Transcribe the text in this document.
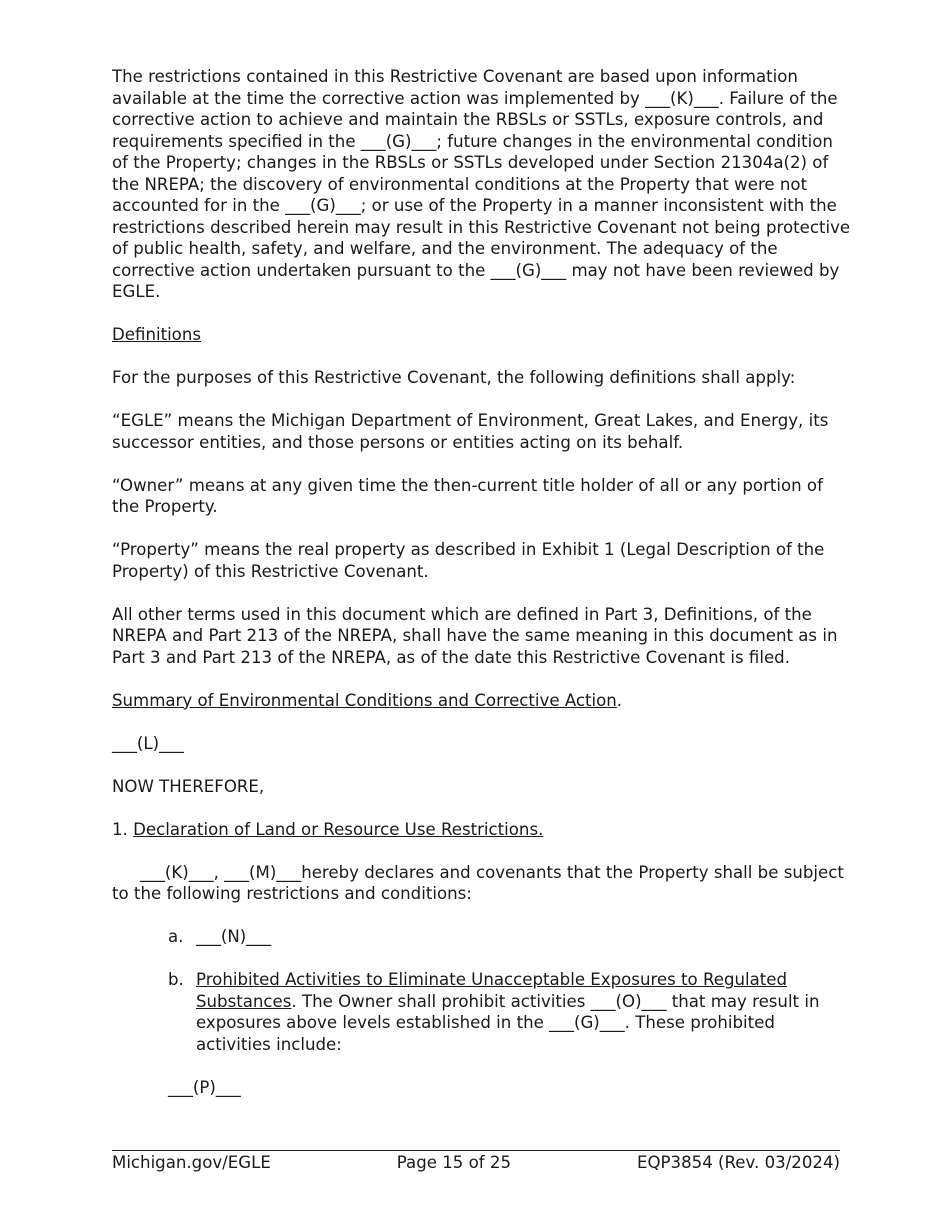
The restrictions contained in this Restrictive Covenant are based upon information available at the time the corrective action was implemented by ___(K)___. Failure of the corrective action to achieve and maintain the RBSLs or SSTLs, exposure controls, and requirements specified in the ___(G)___; future changes in the environmental condition of the Property; changes in the RBSLs or SSTLs developed under Section 21304a(2) of the NREPA; the discovery of environmental conditions at the Property that were not accounted for in the ___(G)___; or use of the Property in a manner inconsistent with the restrictions described herein may result in this Restrictive Covenant not being protective of public health, safety, and welfare, and the environment. The adequacy of the corrective action undertaken pursuant to the ___(G)___ may not have been reviewed by EGLE.

Definitions

For the purposes of this Restrictive Covenant, the following definitions shall apply:

“EGLE” means the Michigan Department of Environment, Great Lakes, and Energy, its successor entities, and those persons or entities acting on its behalf.

“Owner” means at any given time the then-current title holder of all or any portion of the Property.

“Property” means the real property as described in Exhibit 1 (Legal Description of the Property) of this Restrictive Covenant.

All other terms used in this document which are defined in Part 3, Definitions, of the NREPA and Part 213 of the NREPA, shall have the same meaning in this document as in Part 3 and Part 213 of the NREPA, as of the date this Restrictive Covenant is filed.

Summary of Environmental Conditions and Corrective Action.

___(L)___

NOW THEREFORE,

1. Declaration of Land or Resource Use Restrictions.

___(K)___, ___(M)___hereby declares and covenants that the Property shall be subject to the following restrictions and conditions:

a. ___(N)___
b. Prohibited Activities to Eliminate Unacceptable Exposures to Regulated Substances. The Owner shall prohibit activities ___(O)___ that may result in exposures above levels established in the ___(G)___. These prohibited activities include:

___(P)___

Michigan.gov/EGLE	Page 15 of 25	EQP3854 (Rev. 03/2024)
